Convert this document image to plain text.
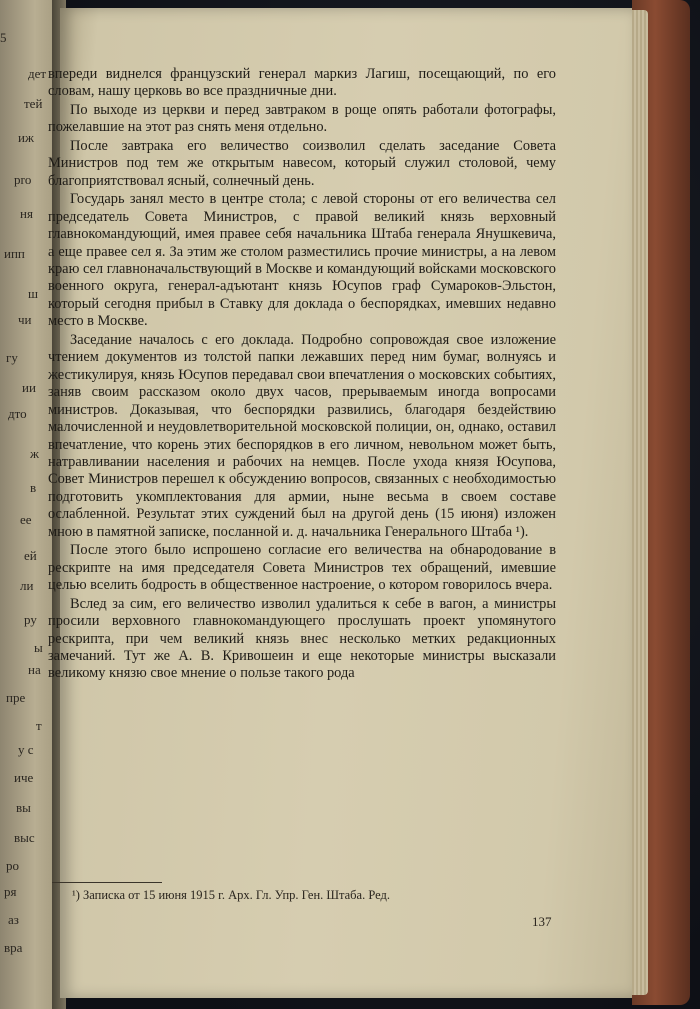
5
дет
тей
иж
pro
ня
ипп
ш
чи
гу
ии
дто
ж
в
ее
ей
ли
ру
ы
на
пре
т
у с
иче
вы
выс
ро
ря
аз
вра

впереди виднелся французский генерал маркиз Лагиш, посещающий, по его словам, нашу церковь во все праздничные дни.

По выходе из церкви и перед завтраком в роще опять работали фотографы, пожелавшие на этот раз снять меня отдельно.

После завтрака его величество соизволил сделать заседание Совета Министров под тем же открытым навесом, который служил столовой, чему благоприятствовал ясный, солнечный день.

Государь занял место в центре стола; с левой стороны от его величества сел председатель Совета Министров, с правой великий князь верховный главнокомандующий, имея правее себя начальника Штаба генерала Янушкевича, а еще правее сел я. За этим же столом разместились прочие министры, а на левом краю сел главноначальствующий в Москве и командующий войсками московского военного округа, генерал-адъютант князь Юсупов граф Сумароков-Эльстон, который сегодня прибыл в Ставку для доклада о беспорядках, имевших недавно место в Москве.

Заседание началось с его доклада. Подробно сопровождая свое изложение чтением документов из толстой папки лежавших перед ним бумаг, волнуясь и жестикулируя, князь Юсупов передавал свои впечатления о московских событиях, заняв своим рассказом около двух часов, прерываемым иногда вопросами министров. Доказывая, что беспорядки развились, благодаря бездействию малочисленной и неудовлетворительной московской полиции, он, однако, оставил впечатление, что корень этих беспорядков в его личном, невольном может быть, натравливании населения и рабочих на немцев. После ухода князя Юсупова, Совет Министров перешел к обсуждению вопросов, связанных с необходимостью подготовить укомплектования для армии, ныне весьма в своем составе ослабленной. Результат этих суждений был на другой день (15 июня) изложен мною в памятной записке, посланной и. д. начальника Генерального Штаба ¹).

После этого было испрошено согласие его величества на обнародование в рескрипте на имя председателя Совета Министров тех обращений, имевшие целью вселить бодрость в общественное настроение, о котором говорилось вчера.

Вслед за сим, его величество изволил удалиться к себе в вагон, а министры просили верховного главнокомандующего прослушать проект упомянутого рескрипта, при чем великий князь внес несколько метких редакционных замечаний. Тут же А. В. Кривошеин и еще некоторые министры высказали великому князю свое мнение о пользе такого рода

¹) Записка от 15 июня 1915 г. Арх. Гл. Упр. Ген. Штаба. Ред.
137
